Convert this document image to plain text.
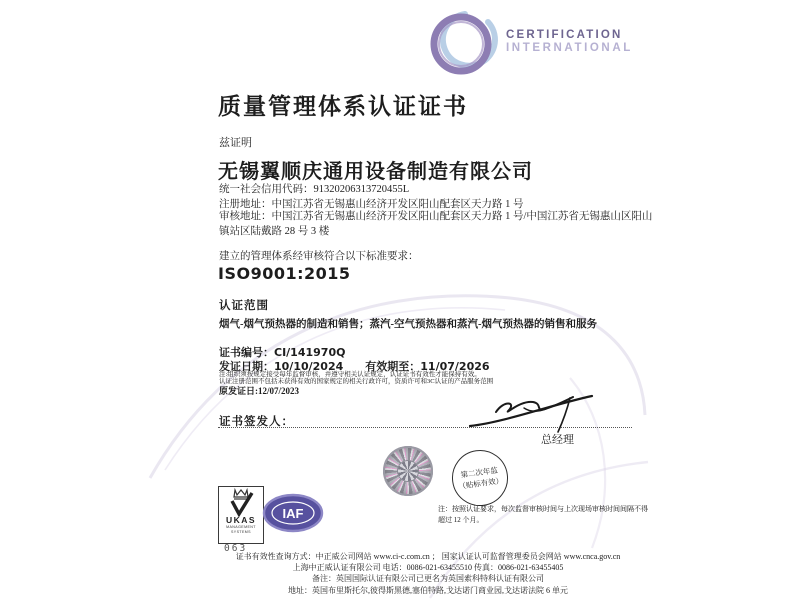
CERTIFICATION
INTERNATIONAL
质量管理体系认证证书
兹证明
无锡翼顺庆通用设备制造有限公司
统一社会信用代码：91320206313720455L
注册地址：中国江苏省无锡惠山经济开发区阳山配套区天力路 1 号
审核地址：中国江苏省无锡惠山经济开发区阳山配套区天力路 1 号/中国江苏省无锡惠山区阳山镇站区陆戴路 28 号 3 楼
建立的管理体系经审核符合以下标准要求：
ISO9001:2015
认证范围
烟气-烟气预热器的制造和销售；蒸汽-空气预热器和蒸汽-烟气预热器的销售和服务
证书编号：CI/141970Q
发证日期：10/10/2024 有效期至：11/07/2026
注:组织须按规定接受每年监督审核，并遵守相关认证规定，认证证书有效性才能保持有效。
认证注册范围不包括未获得有效的国家规定的相关行政许可，资质许可和3C认证的产品服务范围
原发证日:12/07/2023
证书签发人：
总经理
第二次年监
（贴标有效）
注：按照认证要求，每次监督审核时间与上次现场审核时间间隔不得
超过 12 个月。
UKAS
MANAGEMENT
SYSTEMS
063
IAF
证书有效性查询方式：中正威公司网站 www.ci-c.com.cn ； 国家认证认可监督管理委员会网站 www.cnca.gov.cn
上海中正威认证有限公司 电话：0086-021-63455510 传真：0086-021-63455405
备注：英国国际认证有限公司已更名为英国索科特科认证有限公司
地址：英国布里斯托尔,彼得斯黑德,塞伯特路,戈达诺门商业园,戈达诺法院 6 单元
